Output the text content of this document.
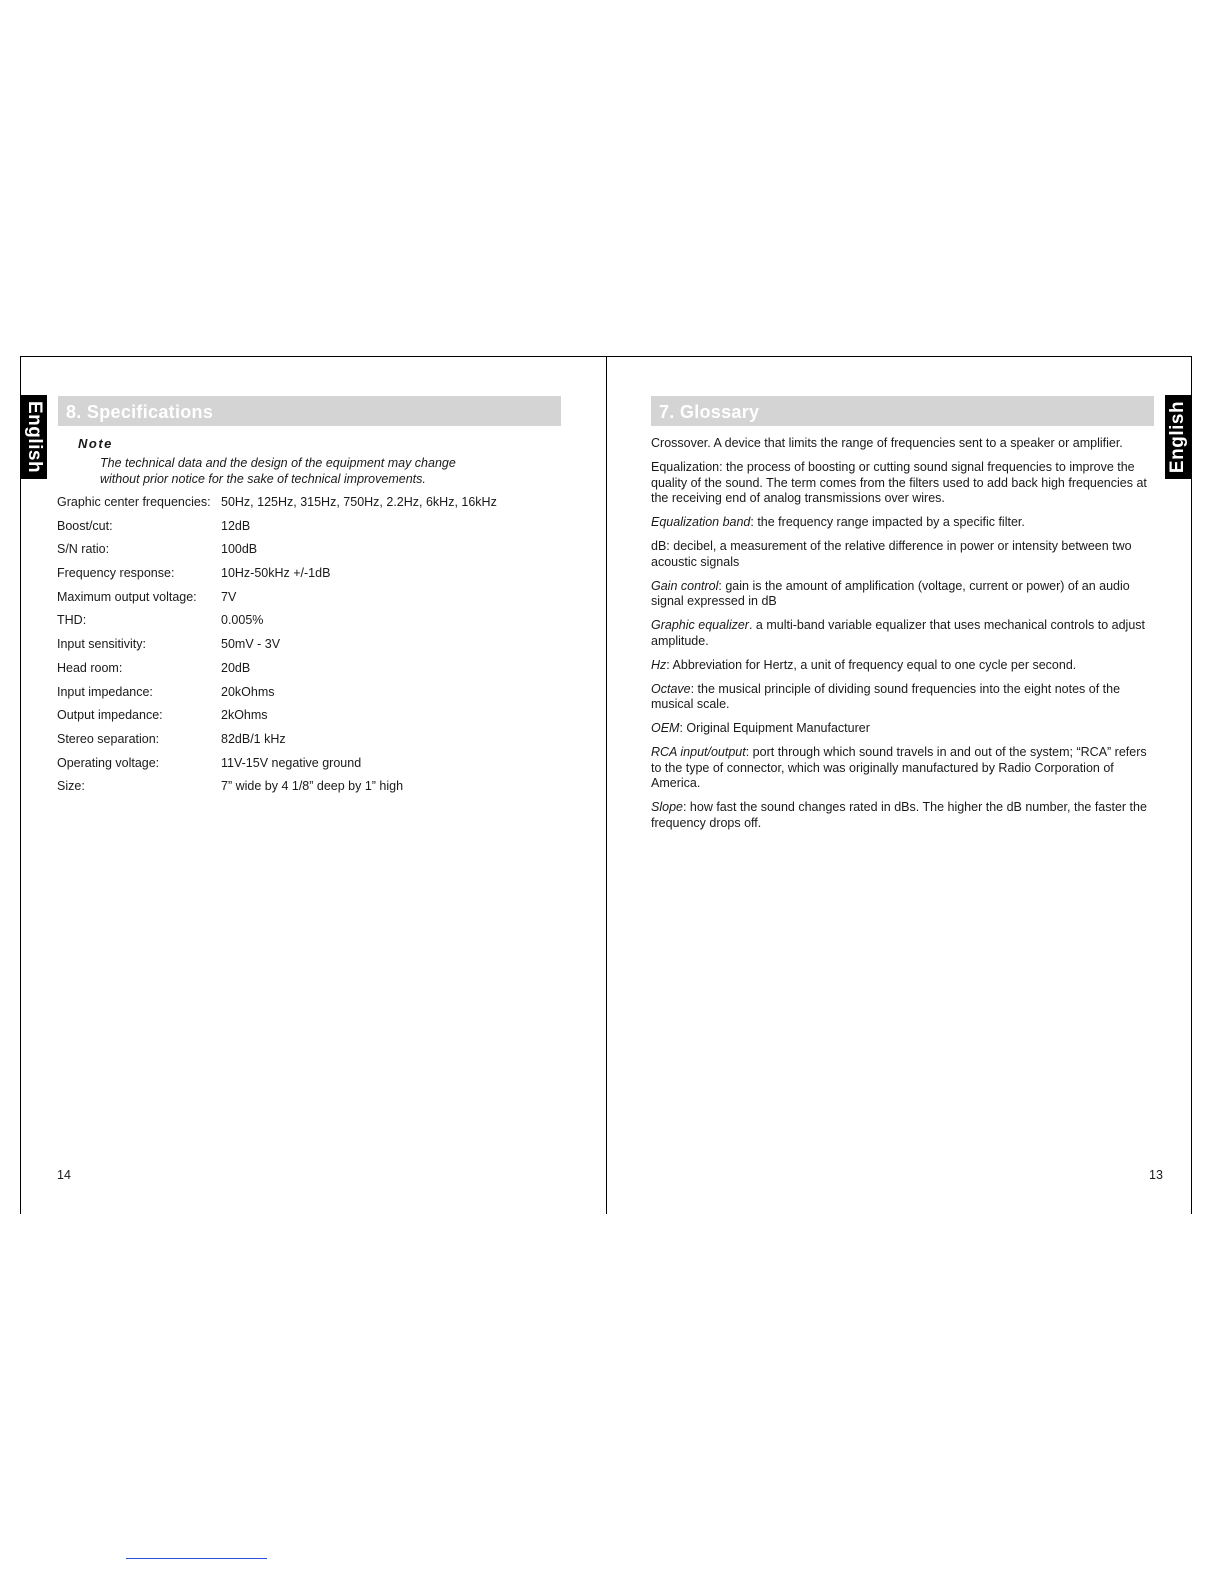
English	English
8. Specifications
Note
The technical data and the design of the equipment may change
without prior notice for the sake of technical improvements.
Graphic center frequencies: 50Hz, 125Hz, 315Hz, 750Hz, 2.2Hz, 6kHz, 16kHz
Boost/cut:	12dB
S/N ratio:	100dB
Frequency response:	10Hz-50kHz +/-1dB
Maximum output voltage: 7V
THD:	0.005%
Input sensitivity:	50mV - 3V
Head room:	20dB
Input impedance:	20kOhms
Output impedance:	2kOhms
Stereo separation:	82dB/1 kHz
Operating voltage:	11V-15V negative ground
Size:	7” wide by 4 1/8” deep by 1” high
14
7. Glossary
Crossover. A device that limits the range of frequencies sent to a speaker or amplifier.
Equalization: the process of boosting or cutting sound signal frequencies to improve the quality of the sound. The term comes from the filters used to add back high frequencies at the receiving end of analog transmissions over wires.
Equalization band: the frequency range impacted by a specific filter.
dB: decibel, a measurement of the relative difference in power or intensity between two acoustic signals
Gain control: gain is the amount of amplification (voltage, current or power) of an audio signal expressed in dB
Graphic equalizer. a multi-band variable equalizer that uses mechanical controls to adjust amplitude.
Hz: Abbreviation for Hertz, a unit of frequency equal to one cycle per second.
Octave: the musical principle of dividing sound frequencies into the eight notes of the musical scale.
OEM: Original Equipment Manufacturer
RCA input/output: port through which sound travels in and out of the system; “RCA” refers to the type of connector, which was originally manufactured by Radio Corporation of America.
Slope: how fast the sound changes rated in dBs. The higher the dB number, the faster the frequency drops off.
13
